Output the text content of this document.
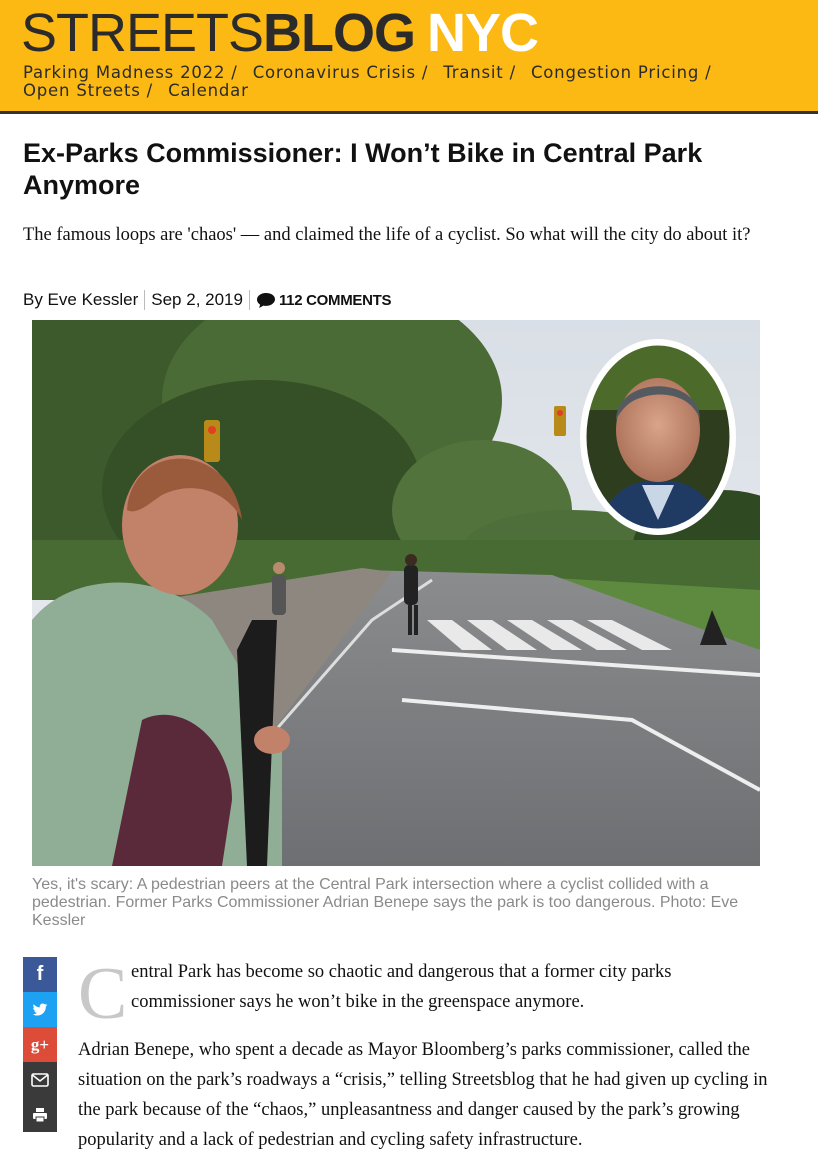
STREETSBLOG NYC
Parking Madness 2022 / Coronavirus Crisis / Transit / Congestion Pricing /
Open Streets / Calendar
Ex-Parks Commissioner: I Won’t Bike in Central Park Anymore

The famous loops are 'chaos' — and claimed the life of a cyclist. So what will the city do about it?

By Eve Kessler Sep 2, 2019 112 COMMENTS

Yes, it's scary: A pedestrian peers at the Central Park intersection where a cyclist collided with a pedestrian. Former Parks Commissioner Adrian Benepe says the park is too dangerous. Photo: Eve Kessler

f
g+
C entral Park has become so chaotic and dangerous that a former city parks commissioner says he won’t bike in the greenspace anymore.

Adrian Benepe, who spent a decade as Mayor Bloomberg’s parks commissioner, called the situation on the park’s roadways a “crisis,” telling Streetsblog that he had given up cycling in the park because of the “chaos,” unpleasantness and danger caused by the park’s growing popularity and a lack of pedestrian and cycling safety infrastructure.
